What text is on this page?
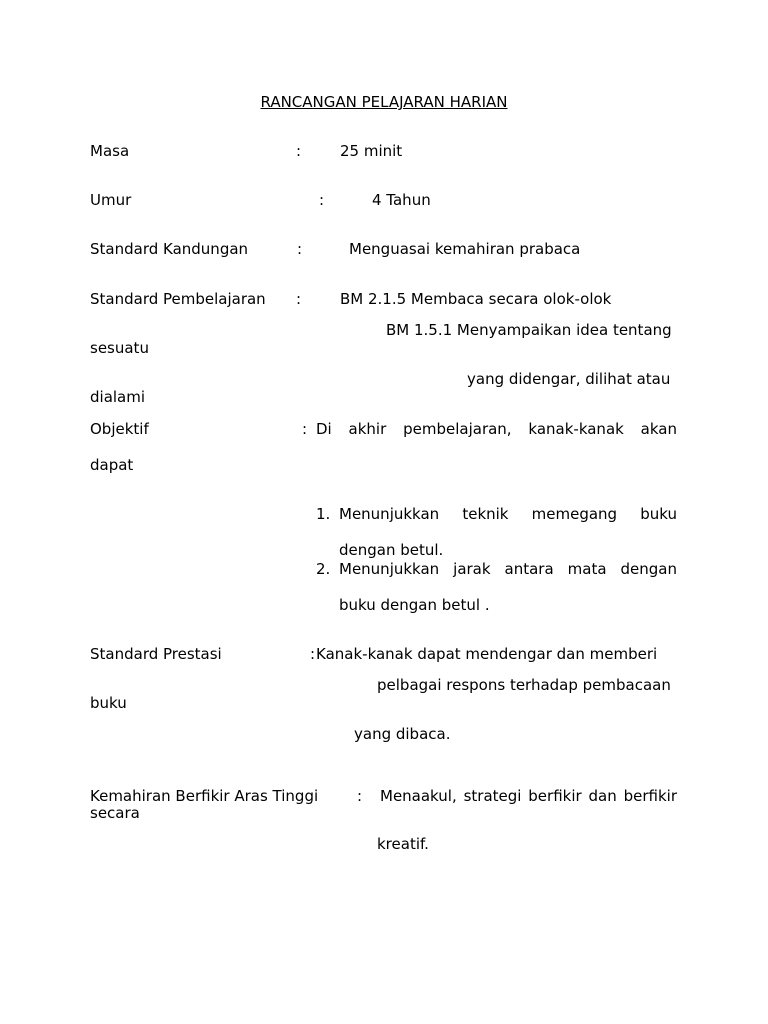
RANCANGAN PELAJARAN HARIAN
Masa	:	25 minit
Umur	:	4 Tahun
Standard Kandungan	:	Menguasai kemahiran prabaca
Standard Pembelajaran :	BM 2.1.5 Membaca secara olok-olok
BM 1.5.1 Menyampaikan idea tentang
sesuatu
yang didengar, dilihat atau
dialami
Objektif	: Di akhir pembelajaran, kanak-kanak akan
dapat
1. Menunjukkan teknik memegang buku
dengan betul.
2. Menunjukkan jarak antara mata dengan
buku dengan betul .
Standard Prestasi	: Kanak-kanak dapat mendengar dan memberi
pelbagai respons terhadap pembacaan
buku
yang dibaca.
Kemahiran Berfikir Aras Tinggi	: Menaakul, strategi berfikir dan berfikir
secara
kreatif.
